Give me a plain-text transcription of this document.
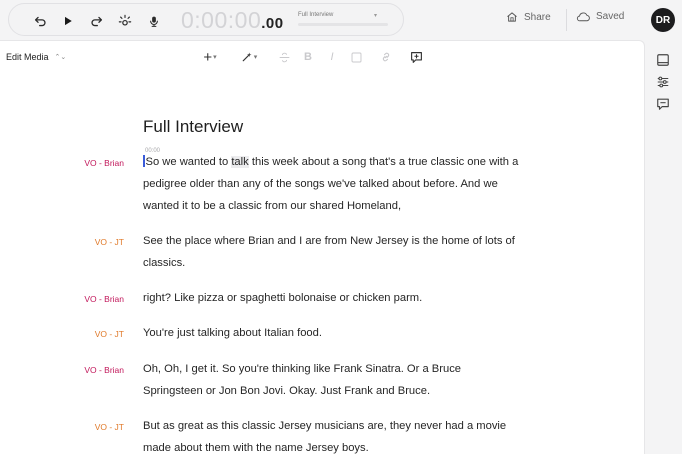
0:00:00.00 Full Interview	▾	Share	Saved	DR
Edit Media ⌃⌄	+ ▾	▾	B	I
Full Interview
00:00
VO - Brian So we wanted to talk this week about a song that's a true classic one with a pedigree older than any of the songs we've talked about before. And we wanted it to be a classic from our shared Homeland,
VO - JT See the place where Brian and I are from New Jersey is the home of lots of classics.
VO - Brian right? Like pizza or spaghetti bolonaise or chicken parm.
VO - JT You're just talking about Italian food.
VO - Brian Oh, Oh, I get it. So you're thinking like Frank Sinatra. Or a Bruce Springsteen or Jon Bon Jovi. Okay. Just Frank and Bruce.
VO - JT But as great as this classic Jersey musicians are, they never had a movie made about them with the name Jersey boys.
